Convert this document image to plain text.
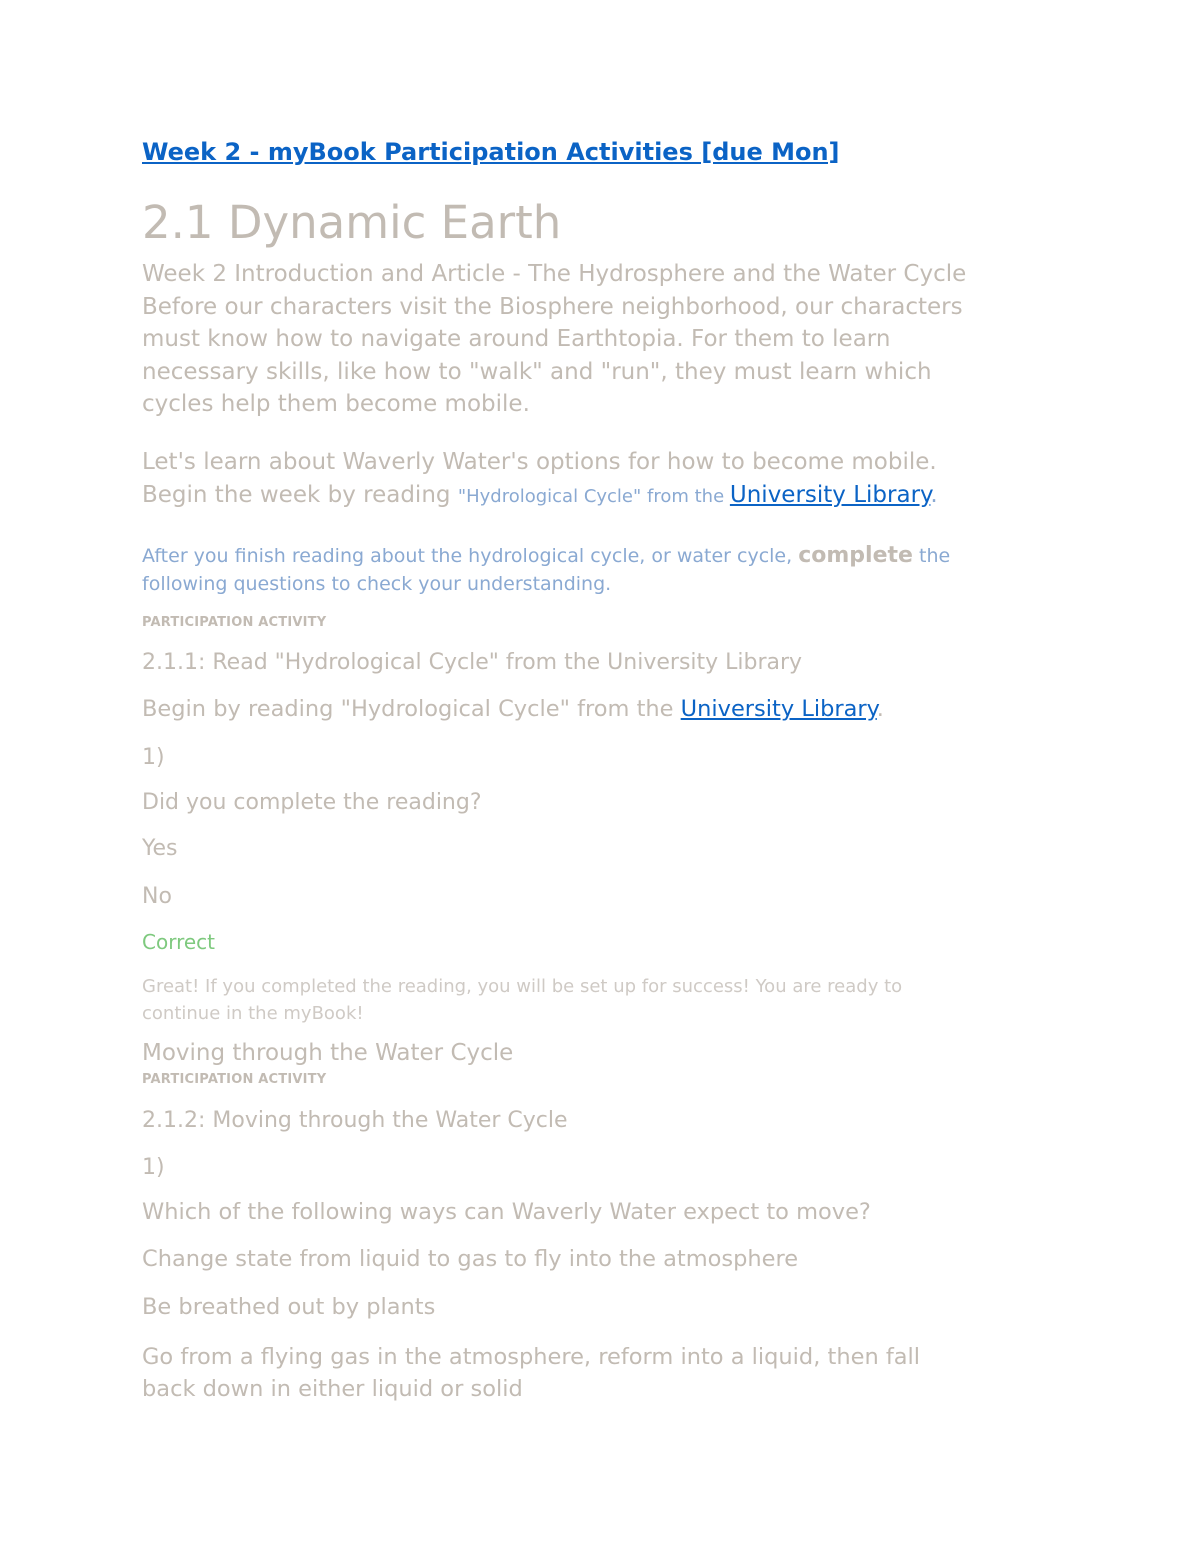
Week 2 - myBook Participation Activities [due Mon]
2.1 Dynamic Earth
Week 2 Introduction and Article - The Hydrosphere and the Water Cycle
Before our characters visit the Biosphere neighborhood, our characters
must know how to navigate around Earthtopia. For them to learn
necessary skills, like how to "walk" and "run", they must learn which
cycles help them become mobile.
Let's learn about Waverly Water's options for how to become mobile.
Begin the week by reading "Hydrological Cycle" from the University Library.
After you finish reading about the hydrological cycle, or water cycle, complete the
following questions to check your understanding.
PARTICIPATION ACTIVITY
2.1.1: Read "Hydrological Cycle" from the University Library
Begin by reading "Hydrological Cycle" from the University Library.
1)
Did you complete the reading?
Yes
No
Correct
Great! If you completed the reading, you will be set up for success! You are ready to
continue in the myBook!
Moving through the Water Cycle
PARTICIPATION ACTIVITY
2.1.2: Moving through the Water Cycle
1)
Which of the following ways can Waverly Water expect to move?
Change state from liquid to gas to fly into the atmosphere
Be breathed out by plants
Go from a flying gas in the atmosphere, reform into a liquid, then fall
back down in either liquid or solid
